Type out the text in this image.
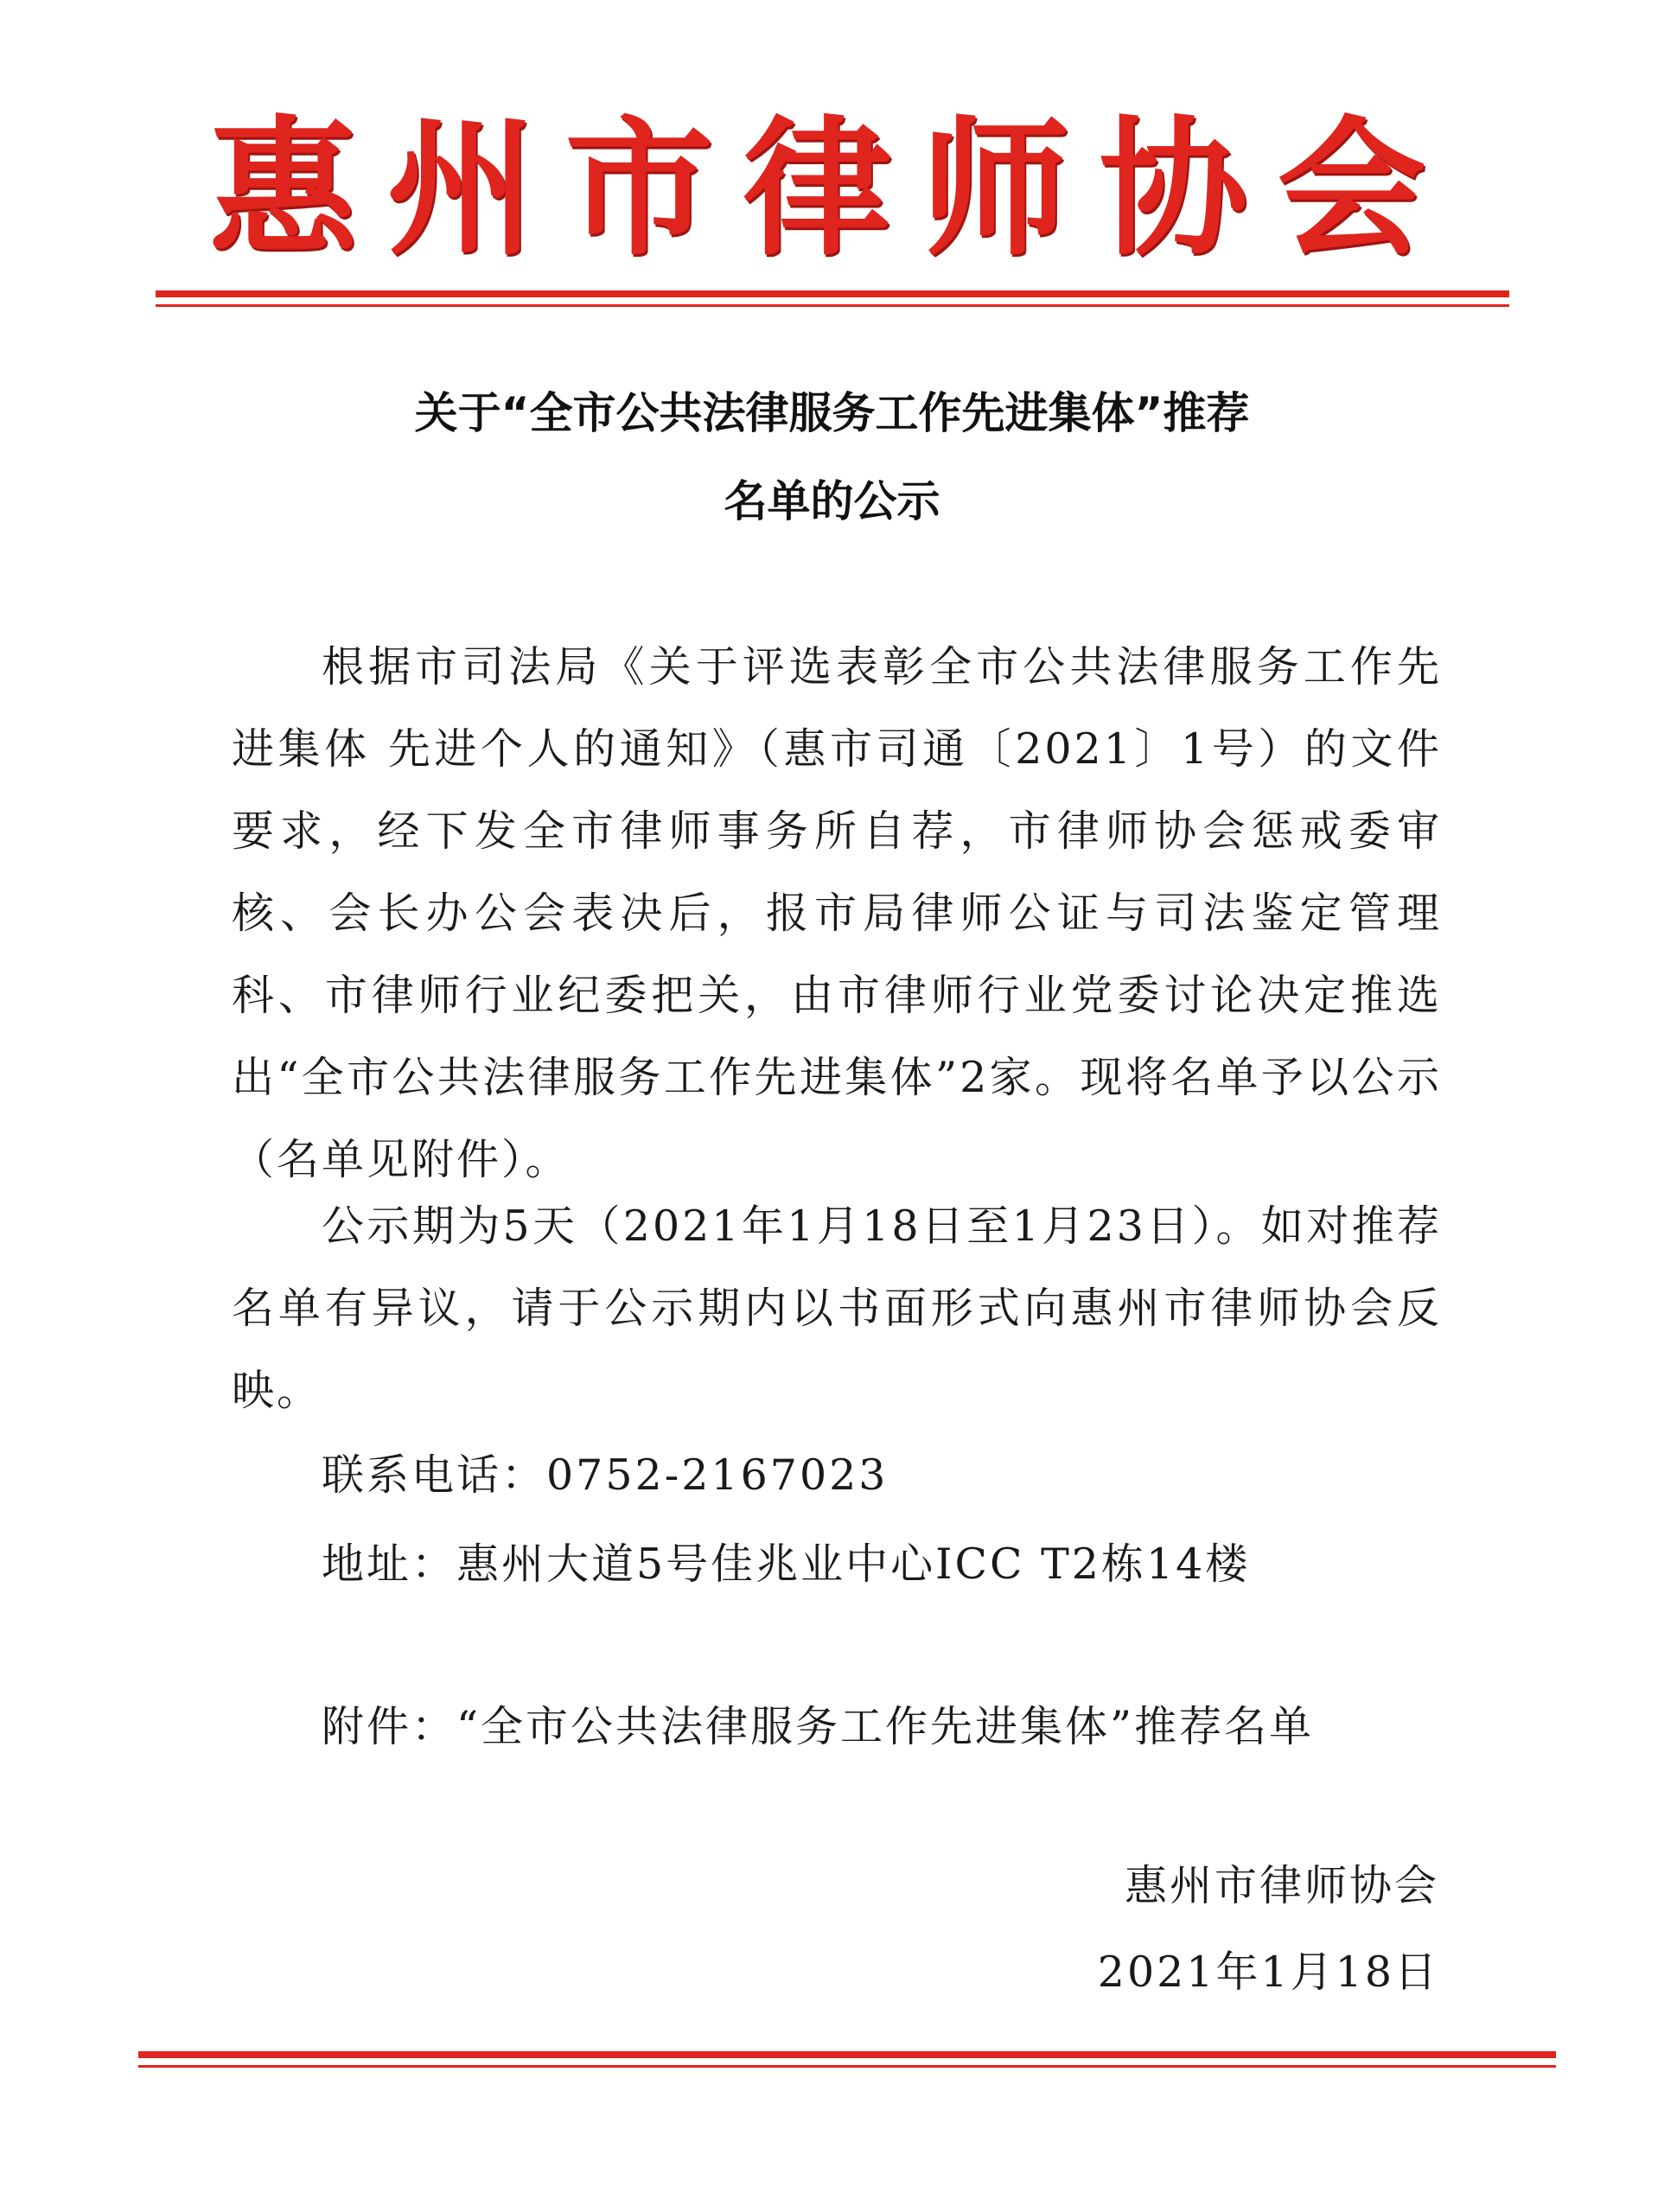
惠州市律师协会
关于“全市公共法律服务工作先进集体”推荐
名单的公示

根据市司法局《关于评选表彰全市公共法律服务工作先进集体 先进个人的通知》（惠市司通〔2021〕1号）的文件要求，经下发全市律师事务所自荐，市律师协会惩戒委审核、会长办公会表决后，报市局律师公证与司法鉴定管理科、市律师行业纪委把关，由市律师行业党委讨论决定推选出“全市公共法律服务工作先进集体”2家。现将名单予以公示（名单见附件）。

公示期为5天（2021年1月18日至1月23日）。如对推荐名单有异议，请于公示期内以书面形式向惠州市律师协会反映。

联系电话：0752-2167023
地址：惠州大道5号佳兆业中心ICC T2栋14楼
附件：“全市公共法律服务工作先进集体”推荐名单
惠州市律师协会
2021年1月18日
